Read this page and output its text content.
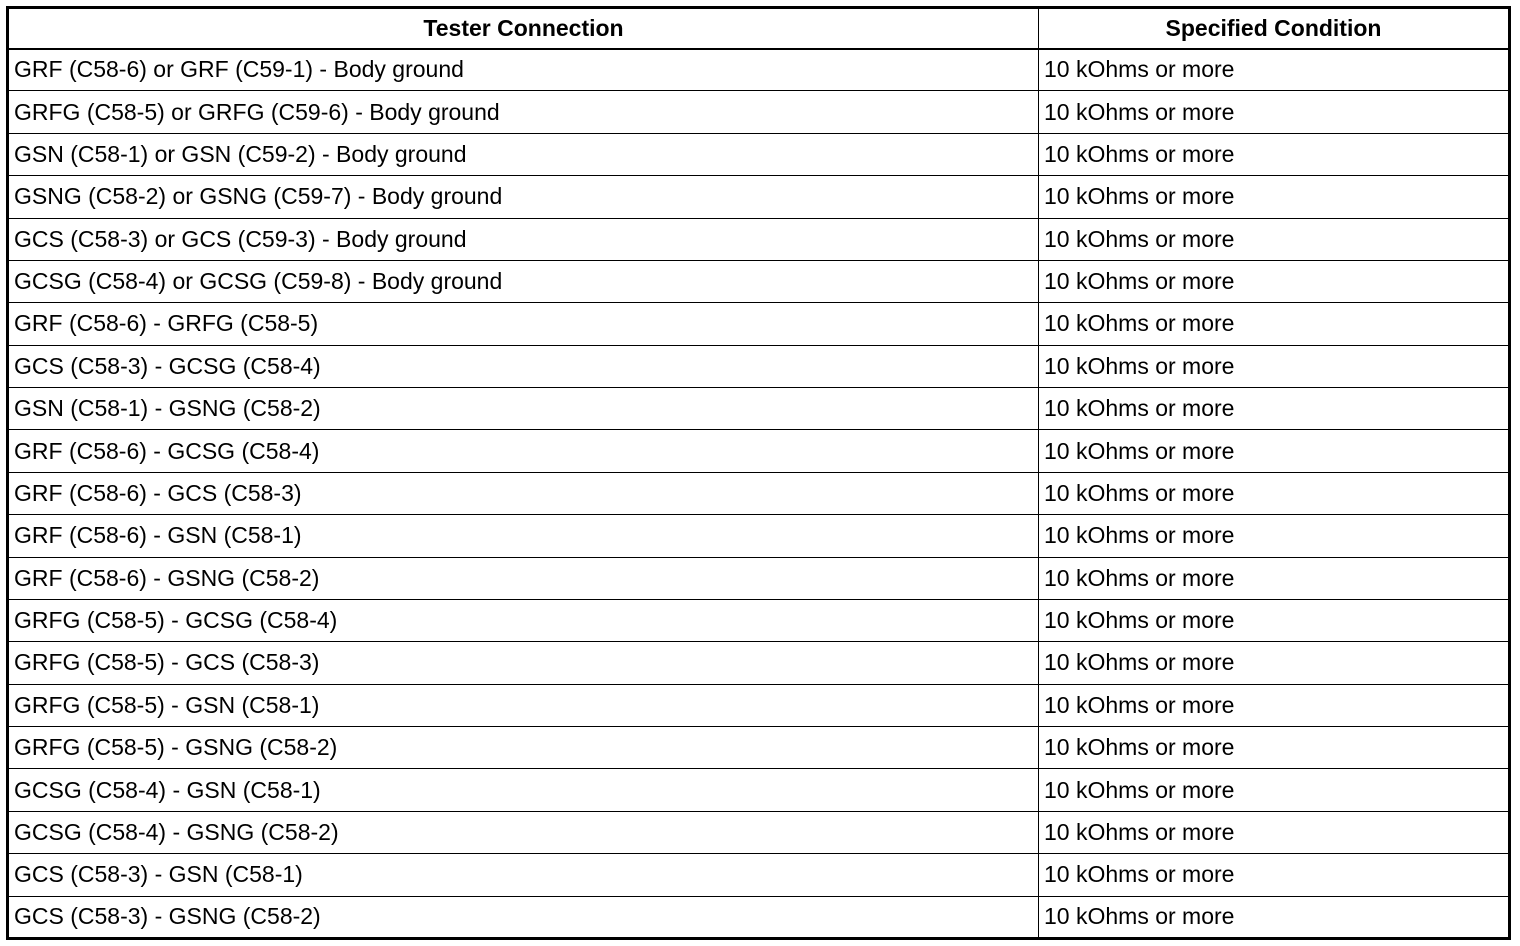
Tester Connection	Specified Condition
GRF (C58-6) or GRF (C59-1) - Body ground	10 kOhms or more
GRFG (C58-5) or GRFG (C59-6) - Body ground	10 kOhms or more
GSN (C58-1) or GSN (C59-2) - Body ground	10 kOhms or more
GSNG (C58-2) or GSNG (C59-7) - Body ground	10 kOhms or more
GCS (C58-3) or GCS (C59-3) - Body ground	10 kOhms or more
GCSG (C58-4) or GCSG (C59-8) - Body ground	10 kOhms or more
GRF (C58-6) - GRFG (C58-5)	10 kOhms or more
GCS (C58-3) - GCSG (C58-4)	10 kOhms or more
GSN (C58-1) - GSNG (C58-2)	10 kOhms or more
GRF (C58-6) - GCSG (C58-4)	10 kOhms or more
GRF (C58-6) - GCS (C58-3)	10 kOhms or more
GRF (C58-6) - GSN (C58-1)	10 kOhms or more
GRF (C58-6) - GSNG (C58-2)	10 kOhms or more
GRFG (C58-5) - GCSG (C58-4)	10 kOhms or more
GRFG (C58-5) - GCS (C58-3)	10 kOhms or more
GRFG (C58-5) - GSN (C58-1)	10 kOhms or more
GRFG (C58-5) - GSNG (C58-2)	10 kOhms or more
GCSG (C58-4) - GSN (C58-1)	10 kOhms or more
GCSG (C58-4) - GSNG (C58-2)	10 kOhms or more
GCS (C58-3) - GSN (C58-1)	10 kOhms or more
GCS (C58-3) - GSNG (C58-2)	10 kOhms or more
